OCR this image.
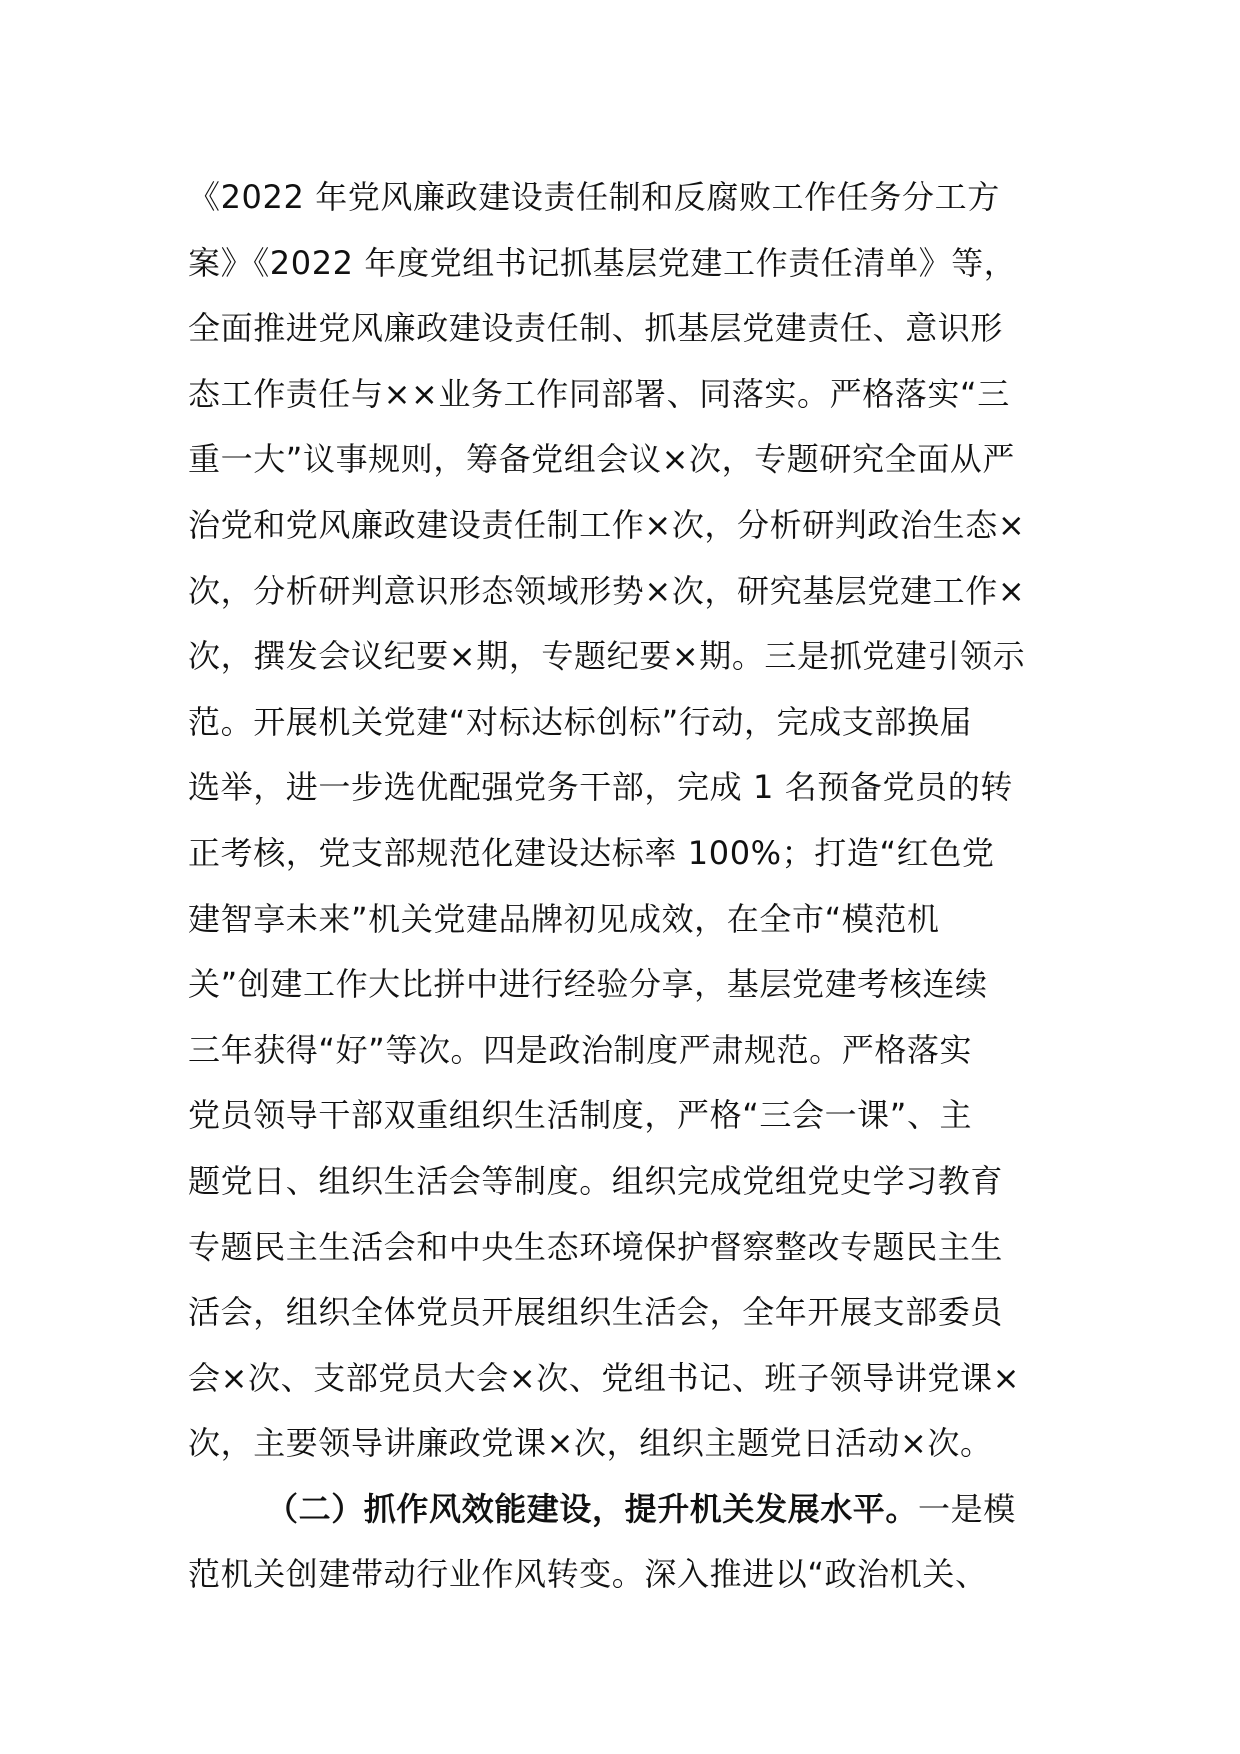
《2022 年党风廉政建设责任制和反腐败工作任务分工方
案》《2022 年度党组书记抓基层党建工作责任清单》等，
全面推进党风廉政建设责任制、抓基层党建责任、意识形
态工作责任与××业务工作同部署、同落实。严格落实“三
重一大”议事规则，筹备党组会议×次，专题研究全面从严
治党和党风廉政建设责任制工作×次，分析研判政治生态×
次，分析研判意识形态领域形势×次，研究基层党建工作×
次，撰发会议纪要×期，专题纪要×期。三是抓党建引领示
范。开展机关党建“对标达标创标”行动，完成支部换届
选举，进一步选优配强党务干部，完成 1 名预备党员的转
正考核，党支部规范化建设达标率 100%；打造“红色党
建智享未来”机关党建品牌初见成效，在全市“模范机
关”创建工作大比拼中进行经验分享，基层党建考核连续
三年获得“好”等次。四是政治制度严肃规范。严格落实
党员领导干部双重组织生活制度，严格“三会一课”、主
题党日、组织生活会等制度。组织完成党组党史学习教育
专题民主生活会和中央生态环境保护督察整改专题民主生
活会，组织全体党员开展组织生活会，全年开展支部委员
会×次、支部党员大会×次、党组书记、班子领导讲党课×
次，主要领导讲廉政党课×次，组织主题党日活动×次。
（二）抓作风效能建设，提升机关发展水平。一是模
范机关创建带动行业作风转变。深入推进以“政治机关、
